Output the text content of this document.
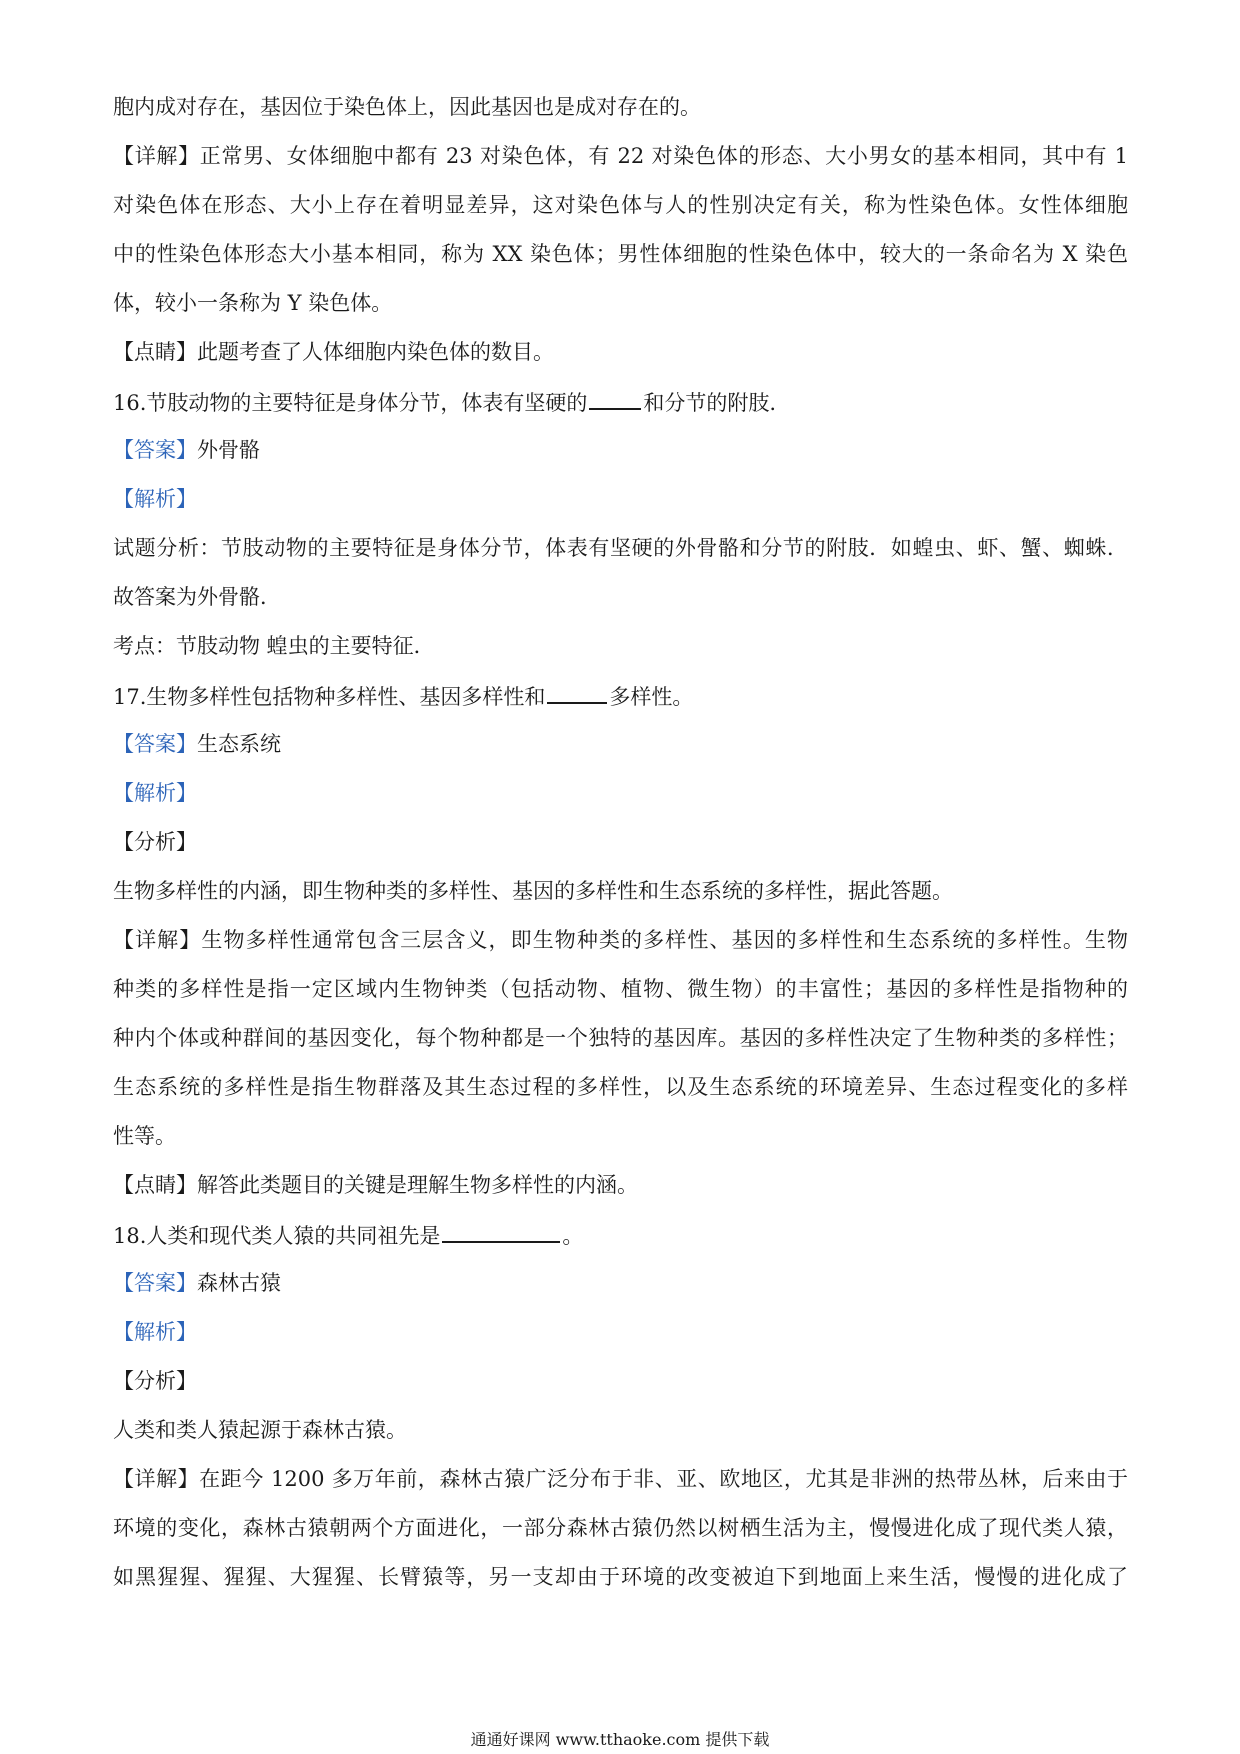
胞内成对存在，基因位于染色体上，因此基因也是成对存在的。
【详解】正常男、女体细胞中都有 23 对染色体，有 22 对染色体的形态、大小男女的基本相同，其中有 1
对染色体在形态、大小上存在着明显差异，这对染色体与人的性别决定有关，称为性染色体。女性体细胞
中的性染色体形态大小基本相同，称为 XX 染色体；男性体细胞的性染色体中，较大的一条命名为 X 染色
体，较小一条称为 Y 染色体。
【点睛】此题考查了人体细胞内染色体的数目。
16.节肢动物的主要特征是身体分节，体表有坚硬的	和分节的附肢.
【答案】外骨骼
【解析】
试题分析：节肢动物的主要特征是身体分节，体表有坚硬的外骨骼和分节的附肢．如蝗虫、虾、蟹、蜘蛛．
故答案为外骨骼．
考点：节肢动物 蝗虫的主要特征．
17.生物多样性包括物种多样性、基因多样性和	多样性。
【答案】生态系统
【解析】
【分析】
生物多样性的内涵，即生物种类的多样性、基因的多样性和生态系统的多样性，据此答题。
【详解】生物多样性通常包含三层含义，即生物种类的多样性、基因的多样性和生态系统的多样性。生物
种类的多样性是指一定区域内生物钟类（包括动物、植物、微生物）的丰富性；基因的多样性是指物种的
种内个体或种群间的基因变化，每个物种都是一个独特的基因库。基因的多样性决定了生物种类的多样性；
生态系统的多样性是指生物群落及其生态过程的多样性，以及生态系统的环境差异、生态过程变化的多样
性等。
【点睛】解答此类题目的关键是理解生物多样性的内涵。
18.人类和现代类人猿的共同祖先是	。
【答案】森林古猿
【解析】
【分析】
人类和类人猿起源于森林古猿。
【详解】在距今 1200 多万年前，森林古猿广泛分布于非、亚、欧地区，尤其是非洲的热带丛林，后来由于
环境的变化，森林古猿朝两个方面进化，一部分森林古猿仍然以树栖生活为主，慢慢进化成了现代类人猿，
如黑猩猩、猩猩、大猩猩、长臂猿等，另一支却由于环境的改变被迫下到地面上来生活，慢慢的进化成了
通通好课网 www.tthaoke.com 提供下载
